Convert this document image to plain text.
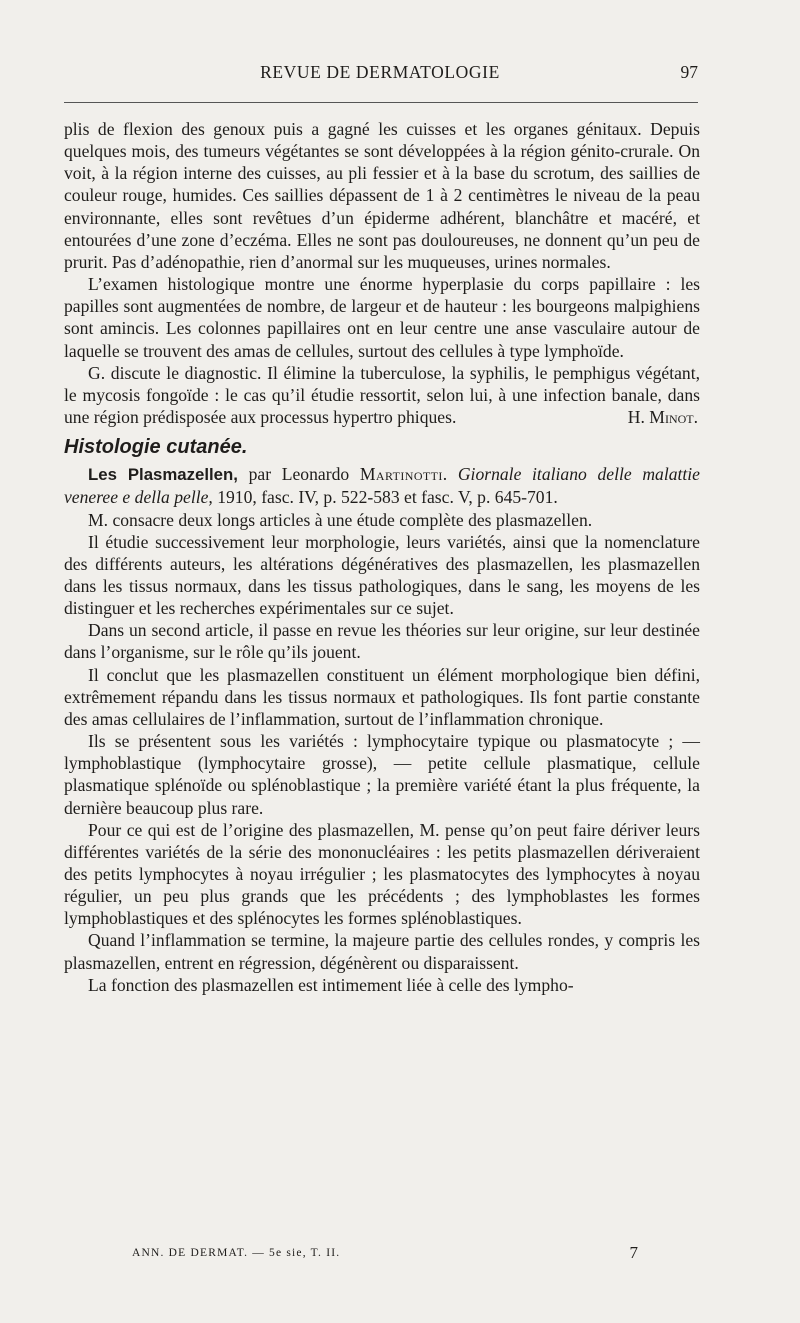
REVUE DE DERMATOLOGIE	97

plis de flexion des genoux puis a gagné les cuisses et les organes génitaux. Depuis quelques mois, des tumeurs végétantes se sont développées à la région génito-crurale. On voit, à la région interne des cuisses, au pli fessier et à la base du scrotum, des saillies de couleur rouge, humides. Ces saillies dépassent de 1 à 2 centimètres le niveau de la peau environnante, elles sont revêtues d’un épiderme adhérent, blanchâtre et macéré, et entourées d’une zone d’eczéma. Elles ne sont pas douloureuses, ne donnent qu’un peu de prurit. Pas d’adénopathie, rien d’anormal sur les muqueuses, urines normales.

L’examen histologique montre une énorme hyperplasie du corps papillaire : les papilles sont augmentées de nombre, de largeur et de hauteur : les bourgeons malpighiens sont amincis. Les colonnes papillaires ont en leur centre une anse vasculaire autour de laquelle se trouvent des amas de cellules, surtout des cellules à type lymphoïde.

G. discute le diagnostic. Il élimine la tuberculose, la syphilis, le pemphigus végétant, le mycosis fongoïde : le cas qu’il étudie ressortit, selon lui, à une infection banale, dans une région prédisposée aux processus hypertro phiques.	H. Minot.
Histologie cutanée.

Les Plasmazellen, par Leonardo Martinotti. Giornale italiano delle malattie veneree e della pelle, 1910, fasc. IV, p. 522-583 et fasc. V, p. 645-701.

M. consacre deux longs articles à une étude complète des plasmazellen.

Il étudie successivement leur morphologie, leurs variétés, ainsi que la nomenclature des différents auteurs, les altérations dégénératives des plasmazellen, les plasmazellen dans les tissus normaux, dans les tissus pathologiques, dans le sang, les moyens de les distinguer et les recherches expérimentales sur ce sujet.

Dans un second article, il passe en revue les théories sur leur origine, sur leur destinée dans l’organisme, sur le rôle qu’ils jouent.

Il conclut que les plasmazellen constituent un élément morphologique bien défini, extrêmement répandu dans les tissus normaux et pathologiques. Ils font partie constante des amas cellulaires de l’inflammation, surtout de l’inflammation chronique.

Ils se présentent sous les variétés : lymphocytaire typique ou plasmatocyte ; — lymphoblastique (lymphocytaire grosse), — petite cellule plasmatique, cellule plasmatique splénoïde ou splénoblastique ; la première variété étant la plus fréquente, la dernière beaucoup plus rare.

Pour ce qui est de l’origine des plasmazellen, M. pense qu’on peut faire dériver leurs différentes variétés de la série des mononucléaires : les petits plasmazellen dériveraient des petits lymphocytes à noyau irrégulier ; les plasmatocytes des lymphocytes à noyau régulier, un peu plus grands que les précédents ; des lymphoblastes les formes lymphoblastiques et des splénocytes les formes splénoblastiques.

Quand l’inflammation se termine, la majeure partie des cellules rondes, y compris les plasmazellen, entrent en régression, dégénèrent ou disparaissent.

La fonction des plasmazellen est intimement liée à celle des lympho-

ANN. DE DERMAT. — 5e sie, T. II.	7
